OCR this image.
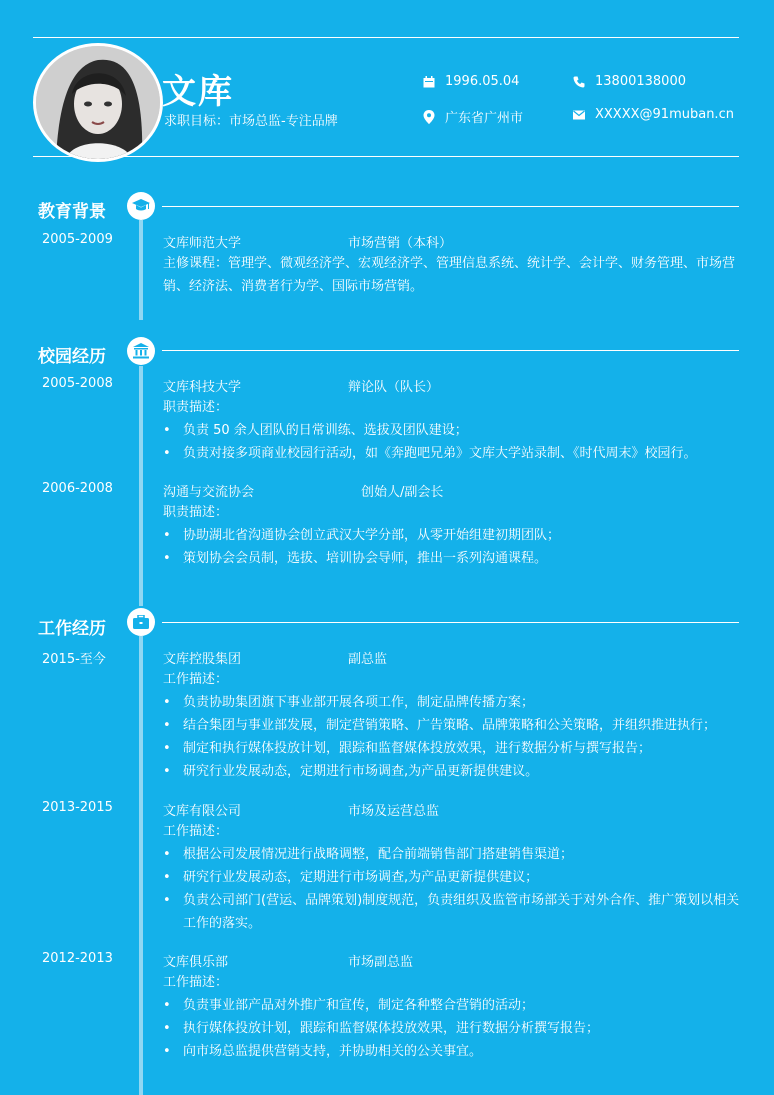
文库
求职目标：市场总监-专注品牌
1996.05.04	13800138000
广东省广州市	XXXXX@91muban.cn
教育背景
2005-2009	文库师范大学	市场营销（本科）
主修课程：管理学、微观经济学、宏观经济学、管理信息系统、统计学、会计学、财务管理、市场营销、经济法、消费者行为学、国际市场营销。
校园经历
2005-2008	文库科技大学	辩论队（队长）
职责描述：
• 负责 50 余人团队的日常训练、选拔及团队建设；
• 负责对接多项商业校园行活动，如《奔跑吧兄弟》文库大学站录制、《时代周末》校园行。
2006-2008	沟通与交流协会	创始人/副会长
职责描述：
• 协助湖北省沟通协会创立武汉大学分部，从零开始组建初期团队；
• 策划协会会员制，选拔、培训协会导师，推出一系列沟通课程。
工作经历
2015-至今	文库控股集团	副总监
工作描述：
• 负责协助集团旗下事业部开展各项工作，制定品牌传播方案；
• 结合集团与事业部发展，制定营销策略、广告策略、品牌策略和公关策略，并组织推进执行；
• 制定和执行媒体投放计划，跟踪和监督媒体投放效果，进行数据分析与撰写报告；
• 研究行业发展动态，定期进行市场调查,为产品更新提供建议。
2013-2015	文库有限公司	市场及运营总监
工作描述：
• 根据公司发展情况进行战略调整，配合前端销售部门搭建销售渠道；
• 研究行业发展动态，定期进行市场调查,为产品更新提供建议；
• 负责公司部门(营运、品牌策划)制度规范，负责组织及监管市场部关于对外合作、推广策划以相关工作的落实。
2012-2013	文库俱乐部	市场副总监
工作描述：
• 负责事业部产品对外推广和宣传，制定各种整合营销的活动；
• 执行媒体投放计划，跟踪和监督媒体投放效果，进行数据分析撰写报告；
• 向市场总监提供营销支持，并协助相关的公关事宜。
